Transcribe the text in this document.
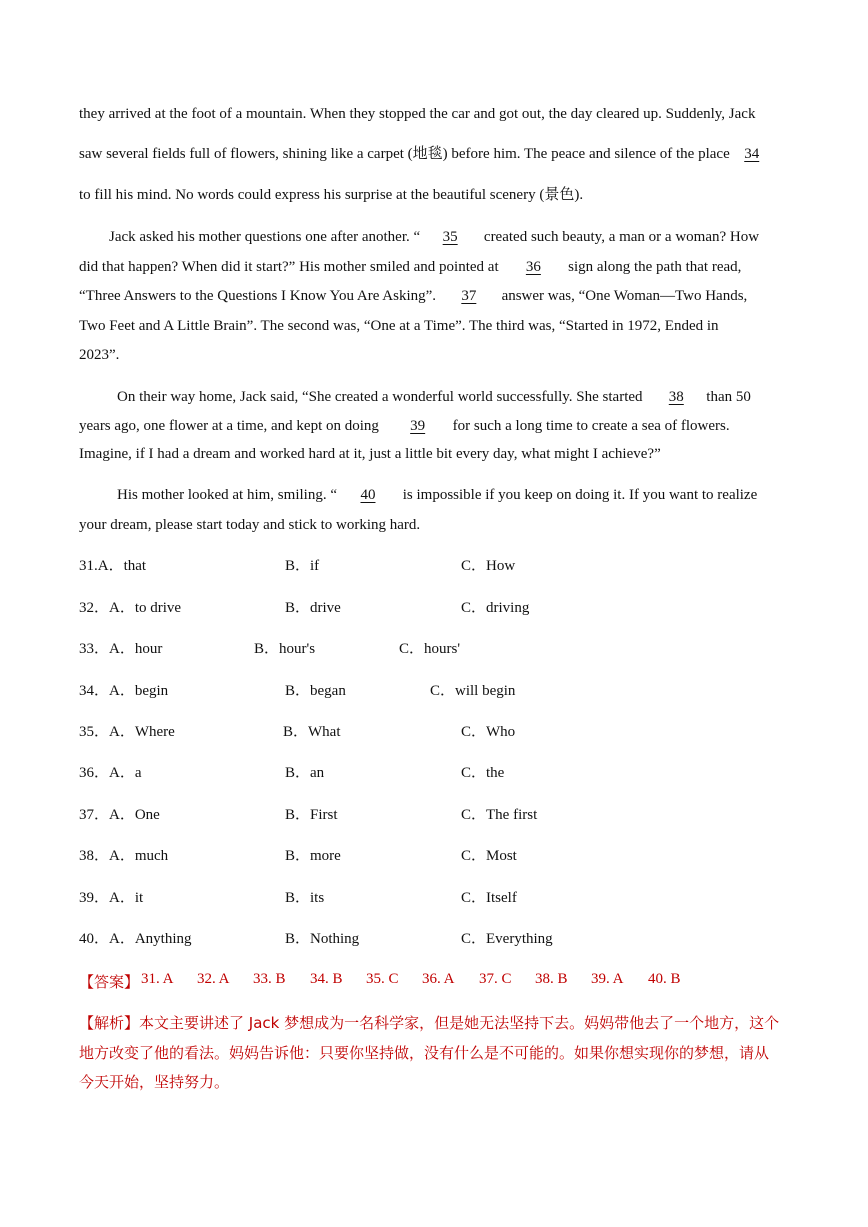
they arrived at the foot of a mountain. When they stopped the car and got out, the day cleared up. Suddenly, Jack
saw several fields full of flowers, shining like a carpet (地毯) before him. The peace and silence of the place 34
to fill his mind. No words could express his surprise at the beautiful scenery (景色).
Jack asked his mother questions one after another. “ 35 created such beauty, a man or a woman? How
did that happen? When did it start?” His mother smiled and pointed at 36 sign along the path that read,
“Three Answers to the Questions I Know You Are Asking”. 37 answer was, “One Woman—Two Hands,
Two Feet and A Little Brain”. The second was, “One at a Time”. The third was, “Started in 1972, Ended in
2023”.
On their way home, Jack said, “She created a wonderful world successfully. She started 38 than 50
years ago, one flower at a time, and kept on doing 39 for such a long time to create a sea of flowers.
Imagine, if I had a dream and worked hard at it, just a little bit every day, what might I achieve?”
His mother looked at him, smiling. “ 40 is impossible if you keep on doing it. If you want to realize
your dream, please start today and stick to working hard.
31.A．that	B．if	C．How
32．A．to drive	B．drive	C．driving
33．A．hour	B．hour's	C．hours'
34．A．begin	B．began	C．will begin
35．A．Where	B．What	C．Who
36．A．a	B．an	C．the
37．A．One	B．First	C．The first
38．A．much	B．more	C．Most
39．A．it	B．its	C．Itself
40．A．Anything	B．Nothing	C．Everything
【答案】 31. A 32. A 33. B 34. B 35. C 36. A 37. C 38. B 39. A 40. B
【解析】本文主要讲述了 Jack 梦想成为一名科学家，但是她无法坚持下去。妈妈带他去了一个地方，这个
地方改变了他的看法。妈妈告诉他：只要你坚持做，没有什么是不可能的。如果你想实现你的梦想，请从
今天开始，坚持努力。
